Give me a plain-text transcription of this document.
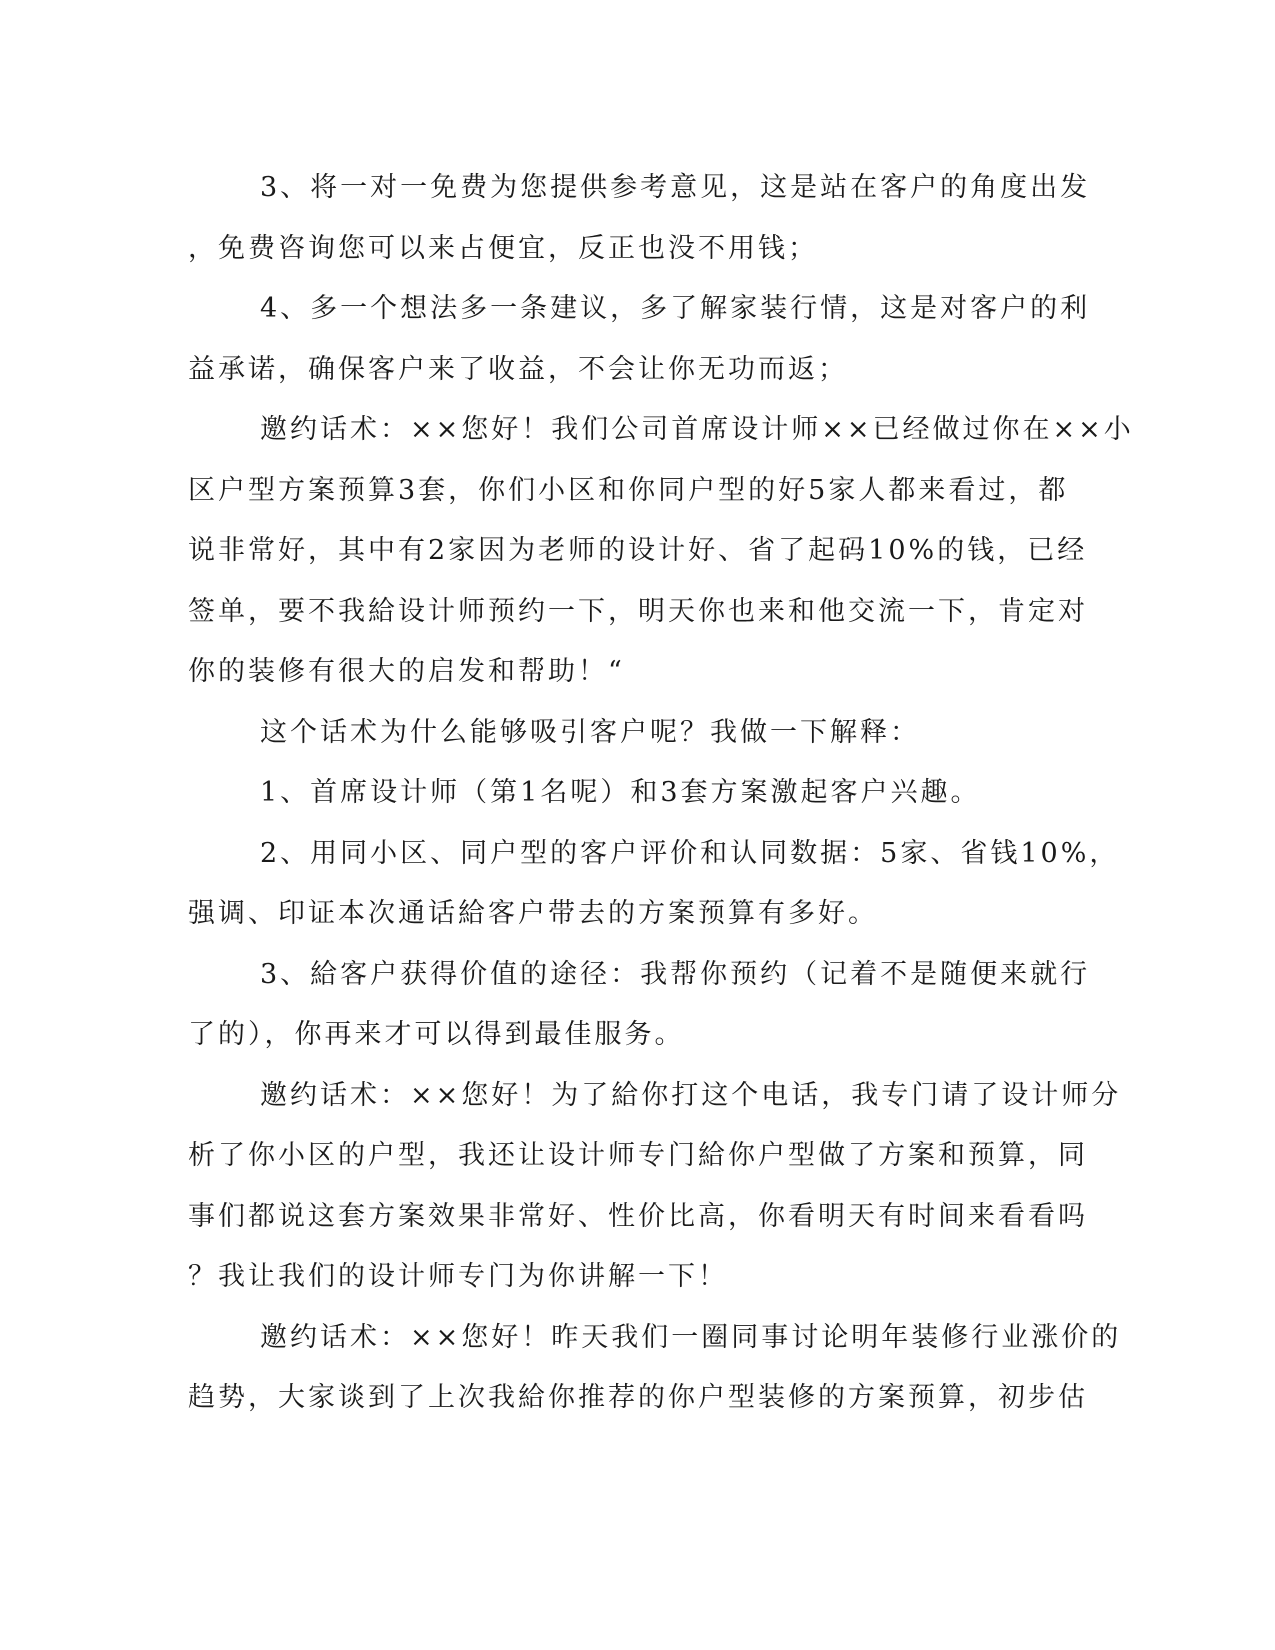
3、将一对一免费为您提供参考意见，这是站在客户的角度出发
，免费咨询您可以来占便宜，反正也没不用钱；
4、多一个想法多一条建议，多了解家装行情，这是对客户的利
益承诺，确保客户来了收益，不会让你无功而返；
邀约话术：××您好！我们公司首席设计师××已经做过你在××小
区户型方案预算3套，你们小区和你同户型的好5家人都来看过，都
说非常好，其中有2家因为老师的设计好、省了起码10%的钱，已经
签单，要不我給设计师预约一下，明天你也来和他交流一下，肯定对
你的装修有很大的启发和帮助！“
这个话术为什么能够吸引客户呢？我做一下解释：
1、首席设计师（第1名呢）和3套方案激起客户兴趣。
2、用同小区、同户型的客户评价和认同数据：5家、省钱10%，
强调、印证本次通话給客户带去的方案预算有多好。
3、給客户获得价值的途径：我帮你预约（记着不是随便来就行
了的），你再来才可以得到最佳服务。
邀约话术：××您好！为了給你打这个电话，我专门请了设计师分
析了你小区的户型，我还让设计师专门給你户型做了方案和预算，同
事们都说这套方案效果非常好、性价比高，你看明天有时间来看看吗
？我让我们的设计师专门为你讲解一下！
邀约话术：××您好！昨天我们一圈同事讨论明年装修行业涨价的
趋势，大家谈到了上次我給你推荐的你户型装修的方案预算，初步估
